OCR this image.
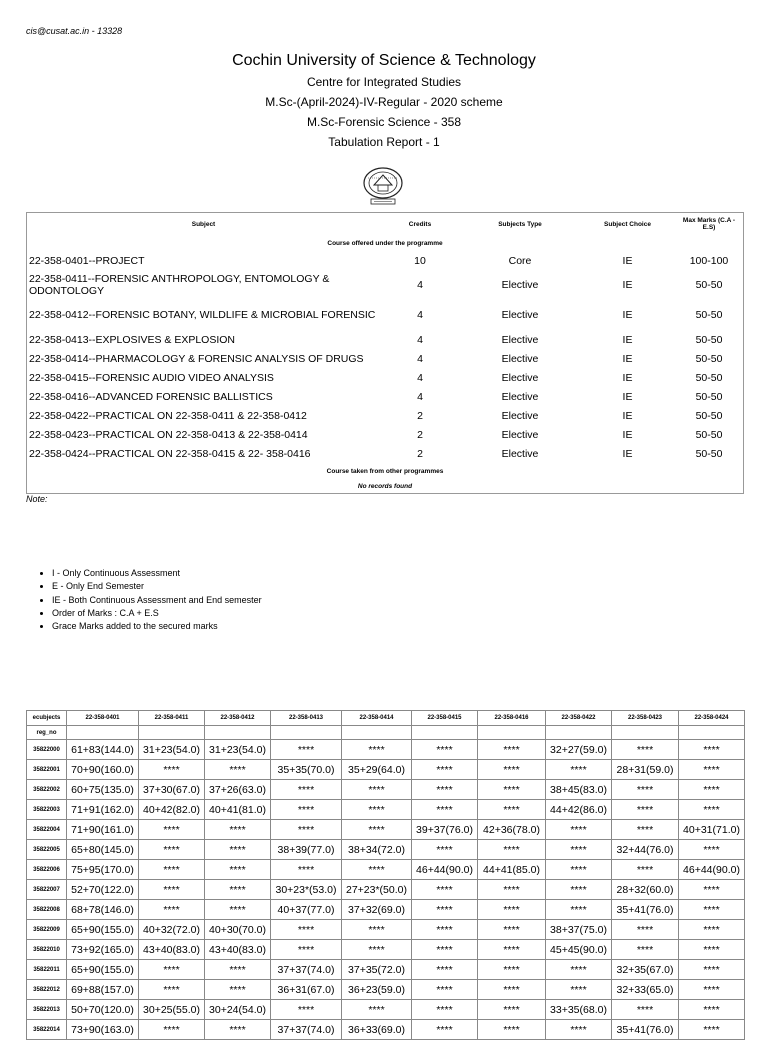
cis@cusat.ac.in - 13328
Cochin University of Science & Technology
Centre for Integrated Studies
M.Sc-(April-2024)-IV-Regular - 2020 scheme
M.Sc-Forensic Science - 358
Tabulation Report - 1
Subject	Credits	Subjects Type	Subject Choice	Max Marks (C.A - E.S)
Course offered under the programme				
22-358-0401--PROJECT	10	Core	IE	100-100
22-358-0411--FORENSIC ANTHROPOLOGY, ENTOMOLOGY & ODONTOLOGY	4	Elective	IE	50-50
22-358-0412--FORENSIC BOTANY, WILDLIFE & MICROBIAL FORENSIC	4	Elective	IE	50-50
22-358-0413--EXPLOSIVES & EXPLOSION	4	Elective	IE	50-50
22-358-0414--PHARMACOLOGY & FORENSIC ANALYSIS OF DRUGS	4	Elective	IE	50-50
22-358-0415--FORENSIC AUDIO VIDEO ANALYSIS	4	Elective	IE	50-50
22-358-0416--ADVANCED FORENSIC BALLISTICS	4	Elective	IE	50-50
22-358-0422--PRACTICAL ON 22-358-0411 & 22-358-0412	2	Elective	IE	50-50
22-358-0423--PRACTICAL ON 22-358-0413 & 22-358-0414	2	Elective	IE	50-50
22-358-0424--PRACTICAL ON 22-358-0415 & 22- 358-0416	2	Elective	IE	50-50
Course taken from other programmes				
No records found				
Note:
• I - Only Continuous Assessment
• E - Only End Semester
• IE - Both Continuous Assessment and End semester
• Order of Marks : C.A + E.S
• Grace Marks added to the secured marks
ecubjects	22-358-0401	22-358-0411	22-358-0412	22-358-0413	22-358-0414	22-358-0415	22-358-0416	22-358-0422	22-358-0423	22-358-0424
reg_no										
35822000	61+83(144.0)	31+23(54.0)	31+23(54.0)	****	****	****	****	32+27(59.0)	****	****
35822001	70+90(160.0)	****	****	35+35(70.0)	35+29(64.0)	****	****	****	28+31(59.0)	****
35822002	60+75(135.0)	37+30(67.0)	37+26(63.0)	****	****	****	****	38+45(83.0)	****	****
35822003	71+91(162.0)	40+42(82.0)	40+41(81.0)	****	****	****	****	44+42(86.0)	****	****
35822004	71+90(161.0)	****	****	****	****	39+37(76.0)	42+36(78.0)	****	****	40+31(71.0)
35822005	65+80(145.0)	****	****	38+39(77.0)	38+34(72.0)	****	****	****	32+44(76.0)	****
35822006	75+95(170.0)	****	****	****	****	46+44(90.0)	44+41(85.0)	****	****	46+44(90.0)
35822007	52+70(122.0)	****	****	30+23*(53.0)	27+23*(50.0)	****	****	****	28+32(60.0)	****
35822008	68+78(146.0)	****	****	40+37(77.0)	37+32(69.0)	****	****	****	35+41(76.0)	****
35822009	65+90(155.0)	40+32(72.0)	40+30(70.0)	****	****	****	****	38+37(75.0)	****	****
35822010	73+92(165.0)	43+40(83.0)	43+40(83.0)	****	****	****	****	45+45(90.0)	****	****
35822011	65+90(155.0)	****	****	37+37(74.0)	37+35(72.0)	****	****	****	32+35(67.0)	****
35822012	69+88(157.0)	****	****	36+31(67.0)	36+23(59.0)	****	****	****	32+33(65.0)	****
35822013	50+70(120.0)	30+25(55.0)	30+24(54.0)	****	****	****	****	33+35(68.0)	****	****
35822014	73+90(163.0)	****	****	37+37(74.0)	36+33(69.0)	****	****	****	35+41(76.0)	****
